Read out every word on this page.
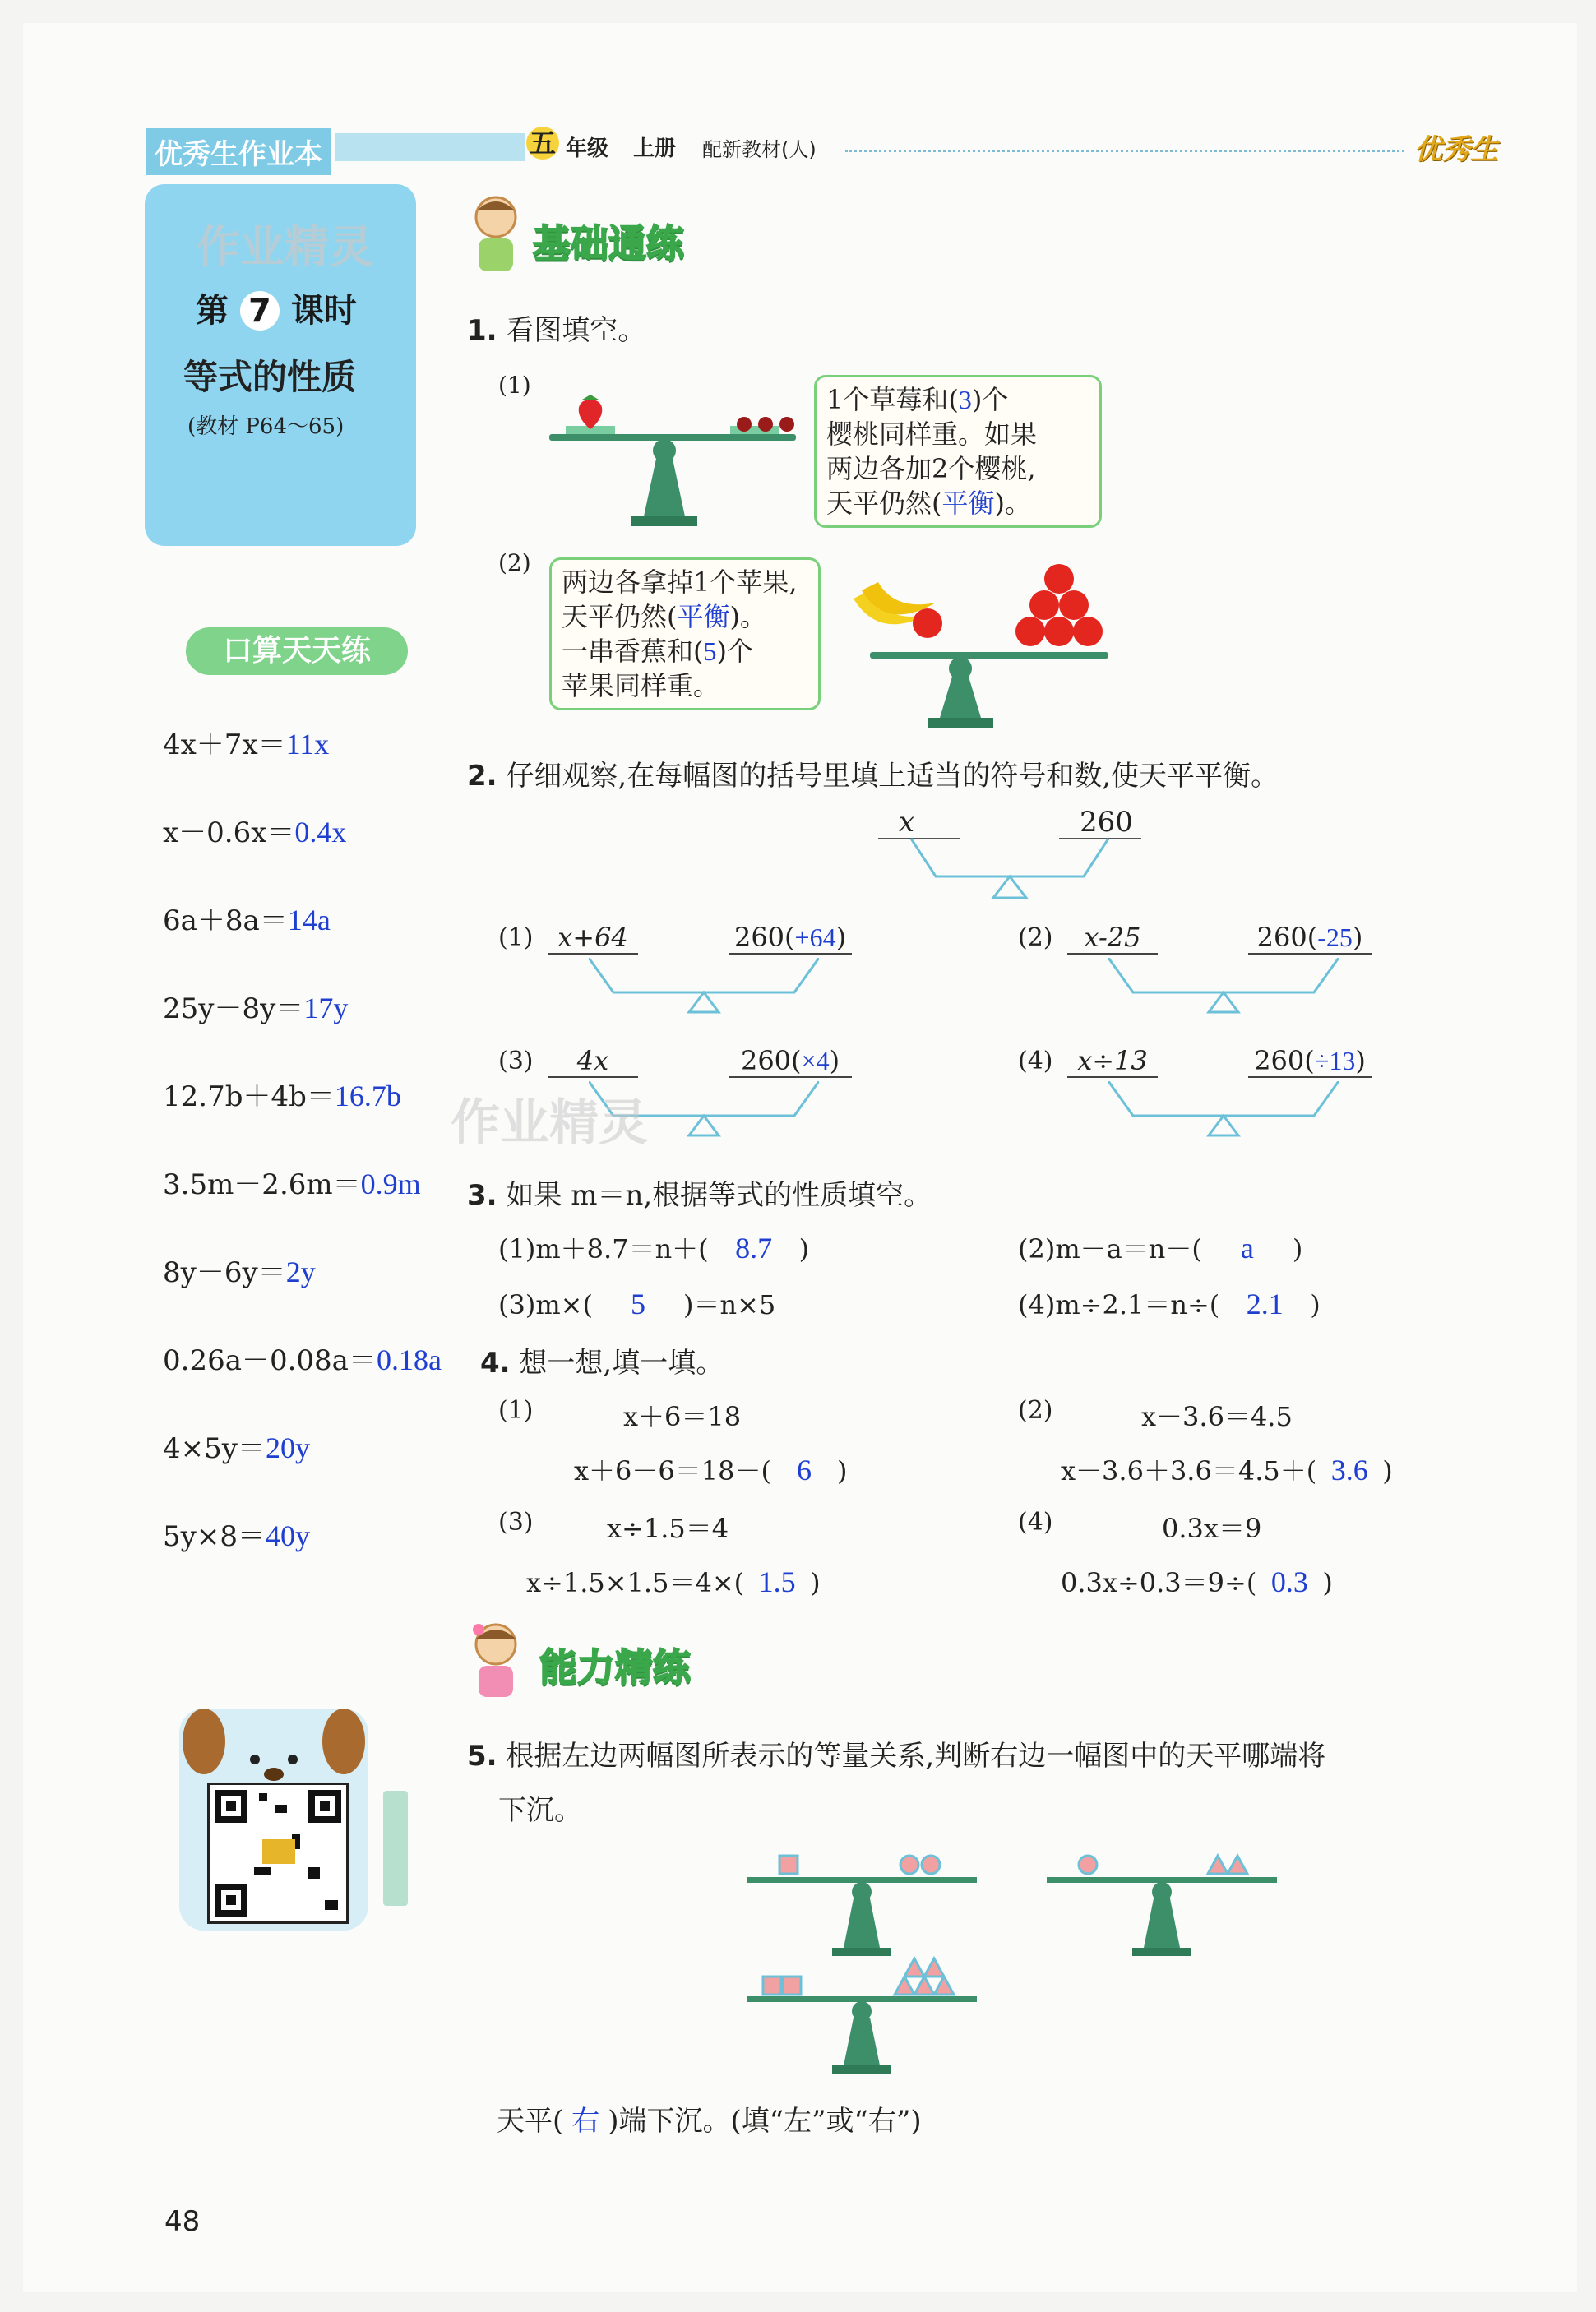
优秀生作业本	五 年级 上册 配新教材(人)	优秀生
作业精灵
第 7 课时
等式的性质
(教材 P64～65)
口算天天练
4x＋7x＝11x
x－0.6x＝0.4x
6a＋8a＝14a
25y－8y＝17y
12.7b＋4b＝16.7b
3.5m－2.6m＝0.9m
8y－6y＝2y
0.26a－0.08a＝0.18a
4×5y＝20y
5y×8＝40y
基础通练
1. 看图填空。
(1)	1个草莓和(3)个
樱桃同样重。如果
两边各加2个樱桃,
天平仍然(平衡)。
(2)
两边各拿掉1个苹果,
天平仍然(平衡)。
一串香蕉和(5)个
苹果同样重。
2. 仔细观察,在每幅图的括号里填上适当的符号和数,使天平平衡。
x	260
(1) x+64	260(+64)	(2)	x-25	260(-25)
(3)	4x	260(×4)	(4) x÷13	260(÷13)
作业精灵
3. 如果 m＝n,根据等式的性质填空。
(1)m＋8.7＝n＋( 8.7 )	(2)m－a＝n－( a )
(3)m×( 5 )＝n×5	(4)m÷2.1＝n÷( 2.1 )
4. 想一想,填一填。
(1)	x＋6＝18
x＋6－6＝18－( 6 )
(2)	x－3.6＝4.5
x－3.6＋3.6＝4.5＋( 3.6 )
(3)	x÷1.5＝4
x÷1.5×1.5＝4×( 1.5 )
(4)	0.3x＝9
0.3x÷0.3＝9÷( 0.3 )
能力精练
5. 根据左边两幅图所表示的等量关系,判断右边一幅图中的天平哪端将
下沉。
天平( 右 )端下沉。(填“左”或“右”)
48
